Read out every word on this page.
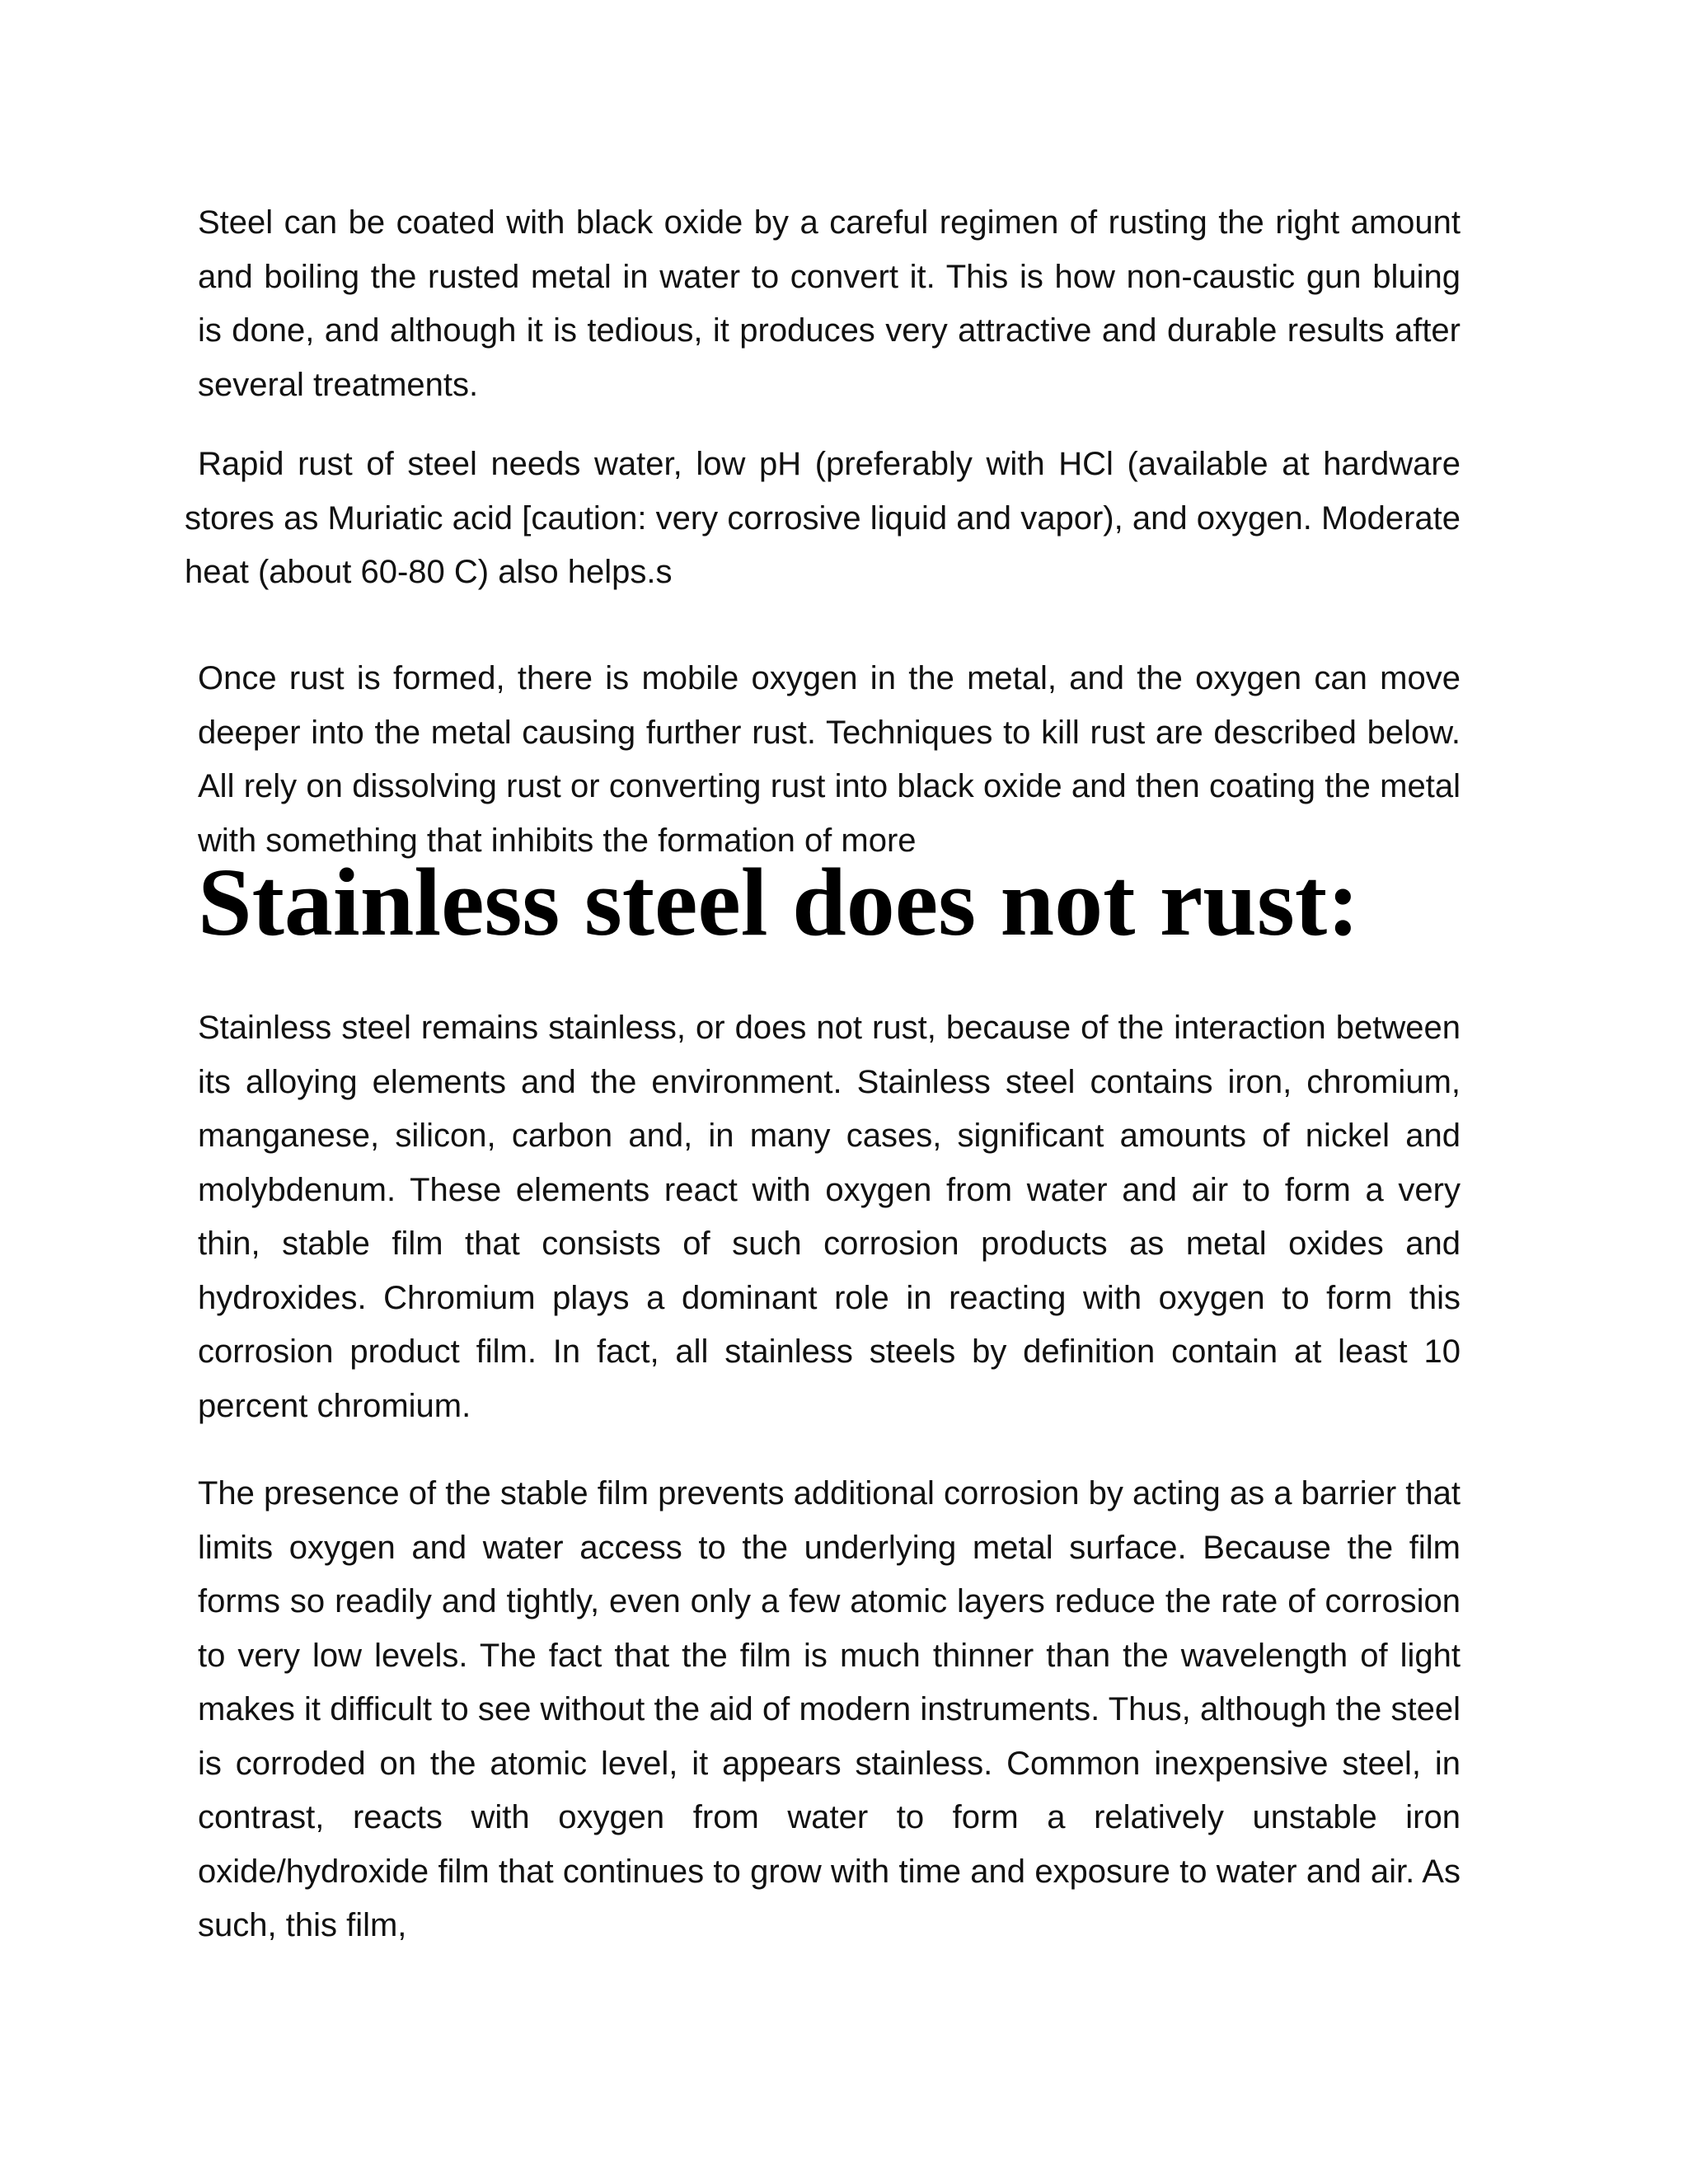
Steel can be coated with black oxide by a careful regimen of rusting the right amount and boiling the rusted metal in water to convert it. This is how non-caustic gun bluing is done, and although it is tedious, it produces very attractive and durable results after several treatments.

Rapid rust of steel needs water, low pH (preferably with HCl (available at hardware stores as Muriatic acid [caution: very corrosive liquid and vapor), and oxygen. Moderate heat (about 60-80 C) also helps.s

Once rust is formed, there is mobile oxygen in the metal, and the oxygen can move deeper into the metal causing further rust. Techniques to kill rust are described below. All rely on dissolving rust or converting rust into black oxide and then coating the metal with something that inhibits the formation of more

Stainless steel does not rust:

Stainless steel remains stainless, or does not rust, because of the interaction between its alloying elements and the environment. Stainless steel contains iron, chromium, manganese, silicon, carbon and, in many cases, significant amounts of nickel and molybdenum. These elements react with oxygen from water and air to form a very thin, stable film that consists of such corrosion products as metal oxides and hydroxides. Chromium plays a dominant role in reacting with oxygen to form this corrosion product film. In fact, all stainless steels by definition contain at least 10 percent chromium.

The presence of the stable film prevents additional corrosion by acting as a barrier that limits oxygen and water access to the underlying metal surface. Because the film forms so readily and tightly, even only a few atomic layers reduce the rate of corrosion to very low levels. The fact that the film is much thinner than the wavelength of light makes it difficult to see without the aid of modern instruments. Thus, although the steel is corroded on the atomic level, it appears stainless. Common inexpensive steel, in contrast, reacts with oxygen from water to form a relatively unstable iron oxide/hydroxide film that continues to grow with time and exposure to water and air. As such, this film,
